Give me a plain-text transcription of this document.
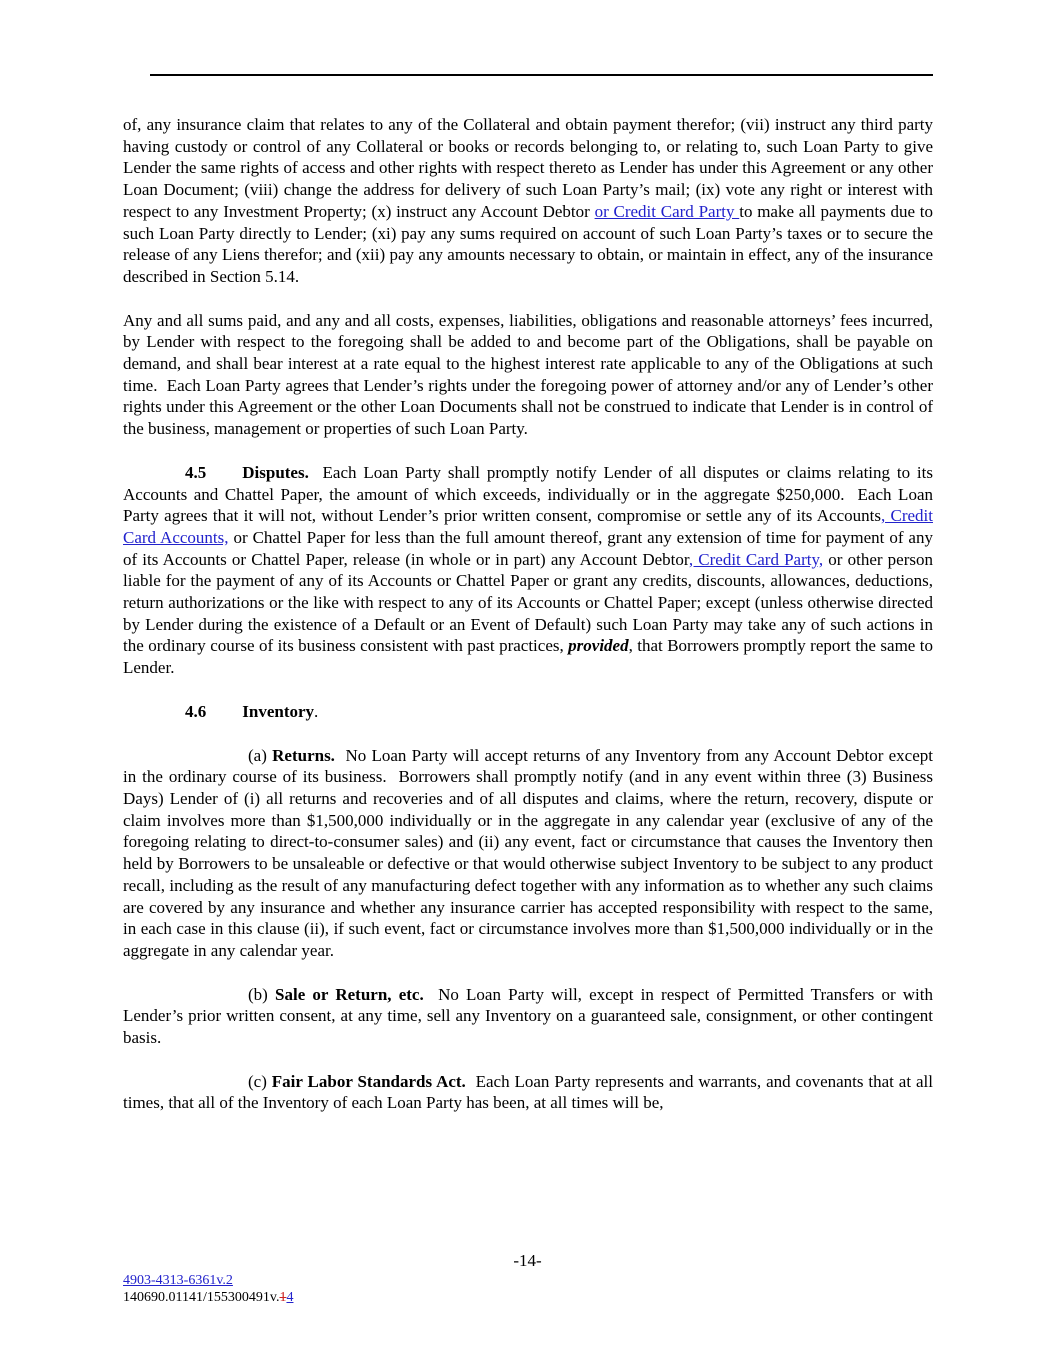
of, any insurance claim that relates to any of the Collateral and obtain payment therefor; (vii) instruct any third party having custody or control of any Collateral or books or records belonging to, or relating to, such Loan Party to give Lender the same rights of access and other rights with respect thereto as Lender has under this Agreement or any other Loan Document; (viii) change the address for delivery of such Loan Party’s mail; (ix) vote any right or interest with respect to any Investment Property; (x) instruct any Account Debtor or Credit Card Party to make all payments due to such Loan Party directly to Lender; (xi) pay any sums required on account of such Loan Party’s taxes or to secure the release of any Liens therefor; and (xii) pay any amounts necessary to obtain, or maintain in effect, any of the insurance described in Section 5.14.

Any and all sums paid, and any and all costs, expenses, liabilities, obligations and reasonable attorneys’ fees incurred, by Lender with respect to the foregoing shall be added to and become part of the Obligations, shall be payable on demand, and shall bear interest at a rate equal to the highest interest rate applicable to any of the Obligations at such time.  Each Loan Party agrees that Lender’s rights under the foregoing power of attorney and/or any of Lender’s other rights under this Agreement or the other Loan Documents shall not be construed to indicate that Lender is in control of the business, management or properties of such Loan Party.

4.5 Disputes.  Each Loan Party shall promptly notify Lender of all disputes or claims relating to its Accounts and Chattel Paper, the amount of which exceeds, individually or in the aggregate $250,000.  Each Loan Party agrees that it will not, without Lender’s prior written consent, compromise or settle any of its Accounts, Credit Card Accounts, or Chattel Paper for less than the full amount thereof, grant any extension of time for payment of any of its Accounts or Chattel Paper, release (in whole or in part) any Account Debtor, Credit Card Party, or other person liable for the payment of any of its Accounts or Chattel Paper or grant any credits, discounts, allowances, deductions, return authorizations or the like with respect to any of its Accounts or Chattel Paper; except (unless otherwise directed by Lender during the existence of a Default or an Event of Default) such Loan Party may take any of such actions in the ordinary course of its business consistent with past practices, provided, that Borrowers promptly report the same to Lender.

4.6 Inventory.

(a) Returns.  No Loan Party will accept returns of any Inventory from any Account Debtor except in the ordinary course of its business.  Borrowers shall promptly notify (and in any event within three (3) Business Days) Lender of (i) all returns and recoveries and of all disputes and claims, where the return, recovery, dispute or claim involves more than $1,500,000 individually or in the aggregate in any calendar year (exclusive of any of the foregoing relating to direct-to-consumer sales) and (ii) any event, fact or circumstance that causes the Inventory then held by Borrowers to be unsaleable or defective or that would otherwise subject Inventory to be subject to any product recall, including as the result of any manufacturing defect together with any information as to whether any such claims are covered by any insurance and whether any insurance carrier has accepted responsibility with respect to the same, in each case in this clause (ii), if such event, fact or circumstance involves more than $1,500,000 individually or in the aggregate in any calendar year.

(b) Sale or Return, etc.  No Loan Party will, except in respect of Permitted Transfers or with Lender’s prior written consent, at any time, sell any Inventory on a guaranteed sale, consignment, or other contingent basis.

(c) Fair Labor Standards Act.  Each Loan Party represents and warrants, and covenants that at all times, that all of the Inventory of each Loan Party has been, at all times will be,

-14-
4903-4313-6361v.2
140690.01141/155300491v.14
